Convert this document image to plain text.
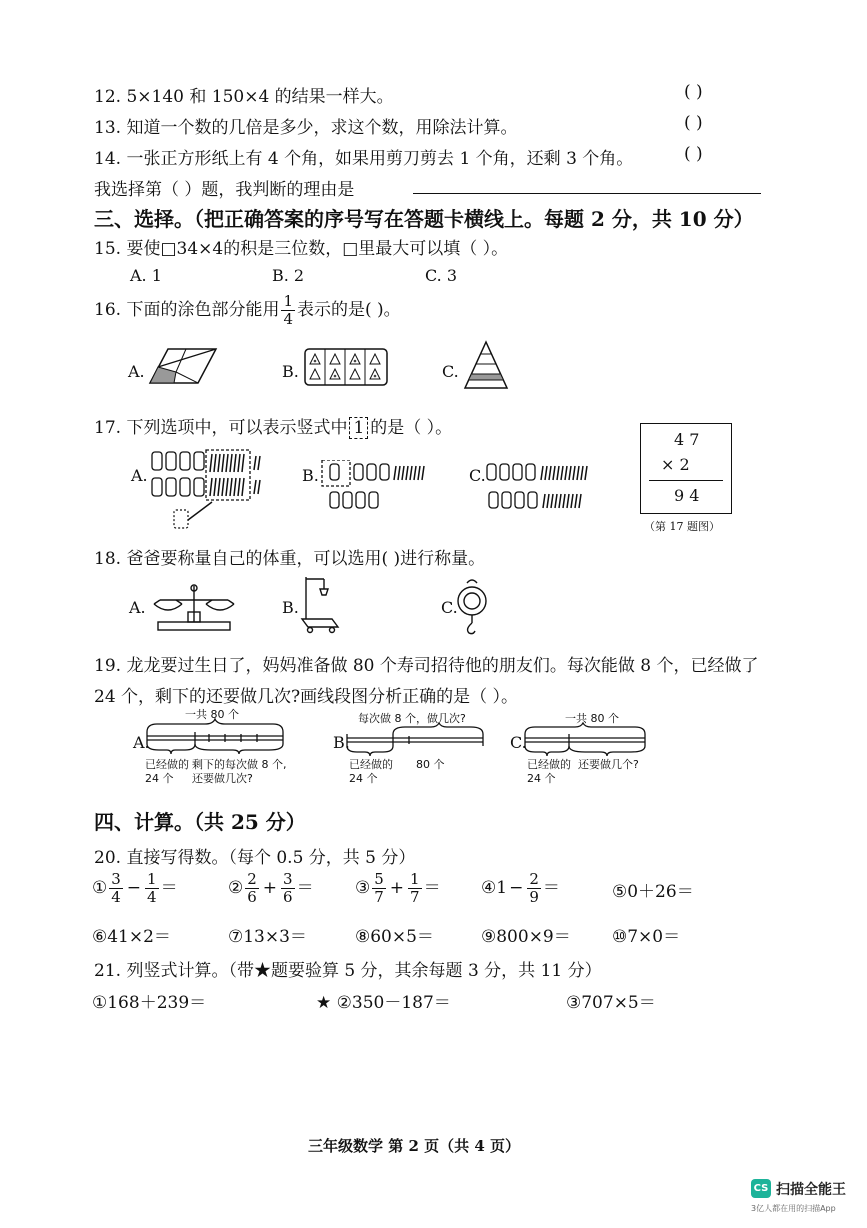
12. 5×140 和 150×4 的结果一样大。	( )
13. 知道一个数的几倍是多少，求这个数，用除法计算。	( )
14. 一张正方形纸上有 4 个角，如果用剪刀剪去 1 个角，还剩 3 个角。	( )
我选择第（ ）题，我判断的理由是
三、选择。（把正确答案的序号写在答题卡横线上。每题 2 分，共 10 分）
15. 要使□34×4的积是三位数，□里最大可以填（ ）。
A. 1	B. 2	C. 3
16. 下面的涂色部分能用 $\frac{1}{4}$ 表示的是( )。
A.	B.	C.
17. 下列选项中，可以表示竖式中 1 的是（ ）。
A.	B.	C.
4 7
× 2
9 4
（第 17 题图）
18. 爸爸要称量自己的体重，可以选用( )进行称量。
A.	B.	C.
19. 龙龙要过生日了，妈妈准备做 80 个寿司招待他的朋友们。每次能做 8 个，已经做了
24 个，剩下的还要做几次?画线段图分析正确的是（ ）。
A.
一共 80 个
已经做的
24 个
剩下的每次做 8 个,
还要做几次?
B.
每次做 8 个，做几次?
已经做的
24 个
80 个
C.
一共 80 个
已经做的
24 个
还要做几个?
四、计算。（共 25 分）
20. 直接写得数。（每个 0.5 分，共 5 分）
① $\frac{3}{4} - \frac{1}{4}$ ＝	② $\frac{2}{6} + \frac{3}{6}$ ＝ ③ $\frac{5}{7} + \frac{1}{7}$ ＝ ④1 − $\frac{2}{9}$ ＝	⑤0＋26＝
⑥41×2＝	⑦13×3＝	⑧60×5＝	⑨800×9＝ ⑩7×0＝
21. 列竖式计算。（带★题要验算 5 分，其余每题 3 分，共 11 分）
①168＋239＝	★ ②350－187＝	③707×5＝
三年级数学 第 2 页（共 4 页）
CS 扫描全能王
3亿人都在用的扫描App
